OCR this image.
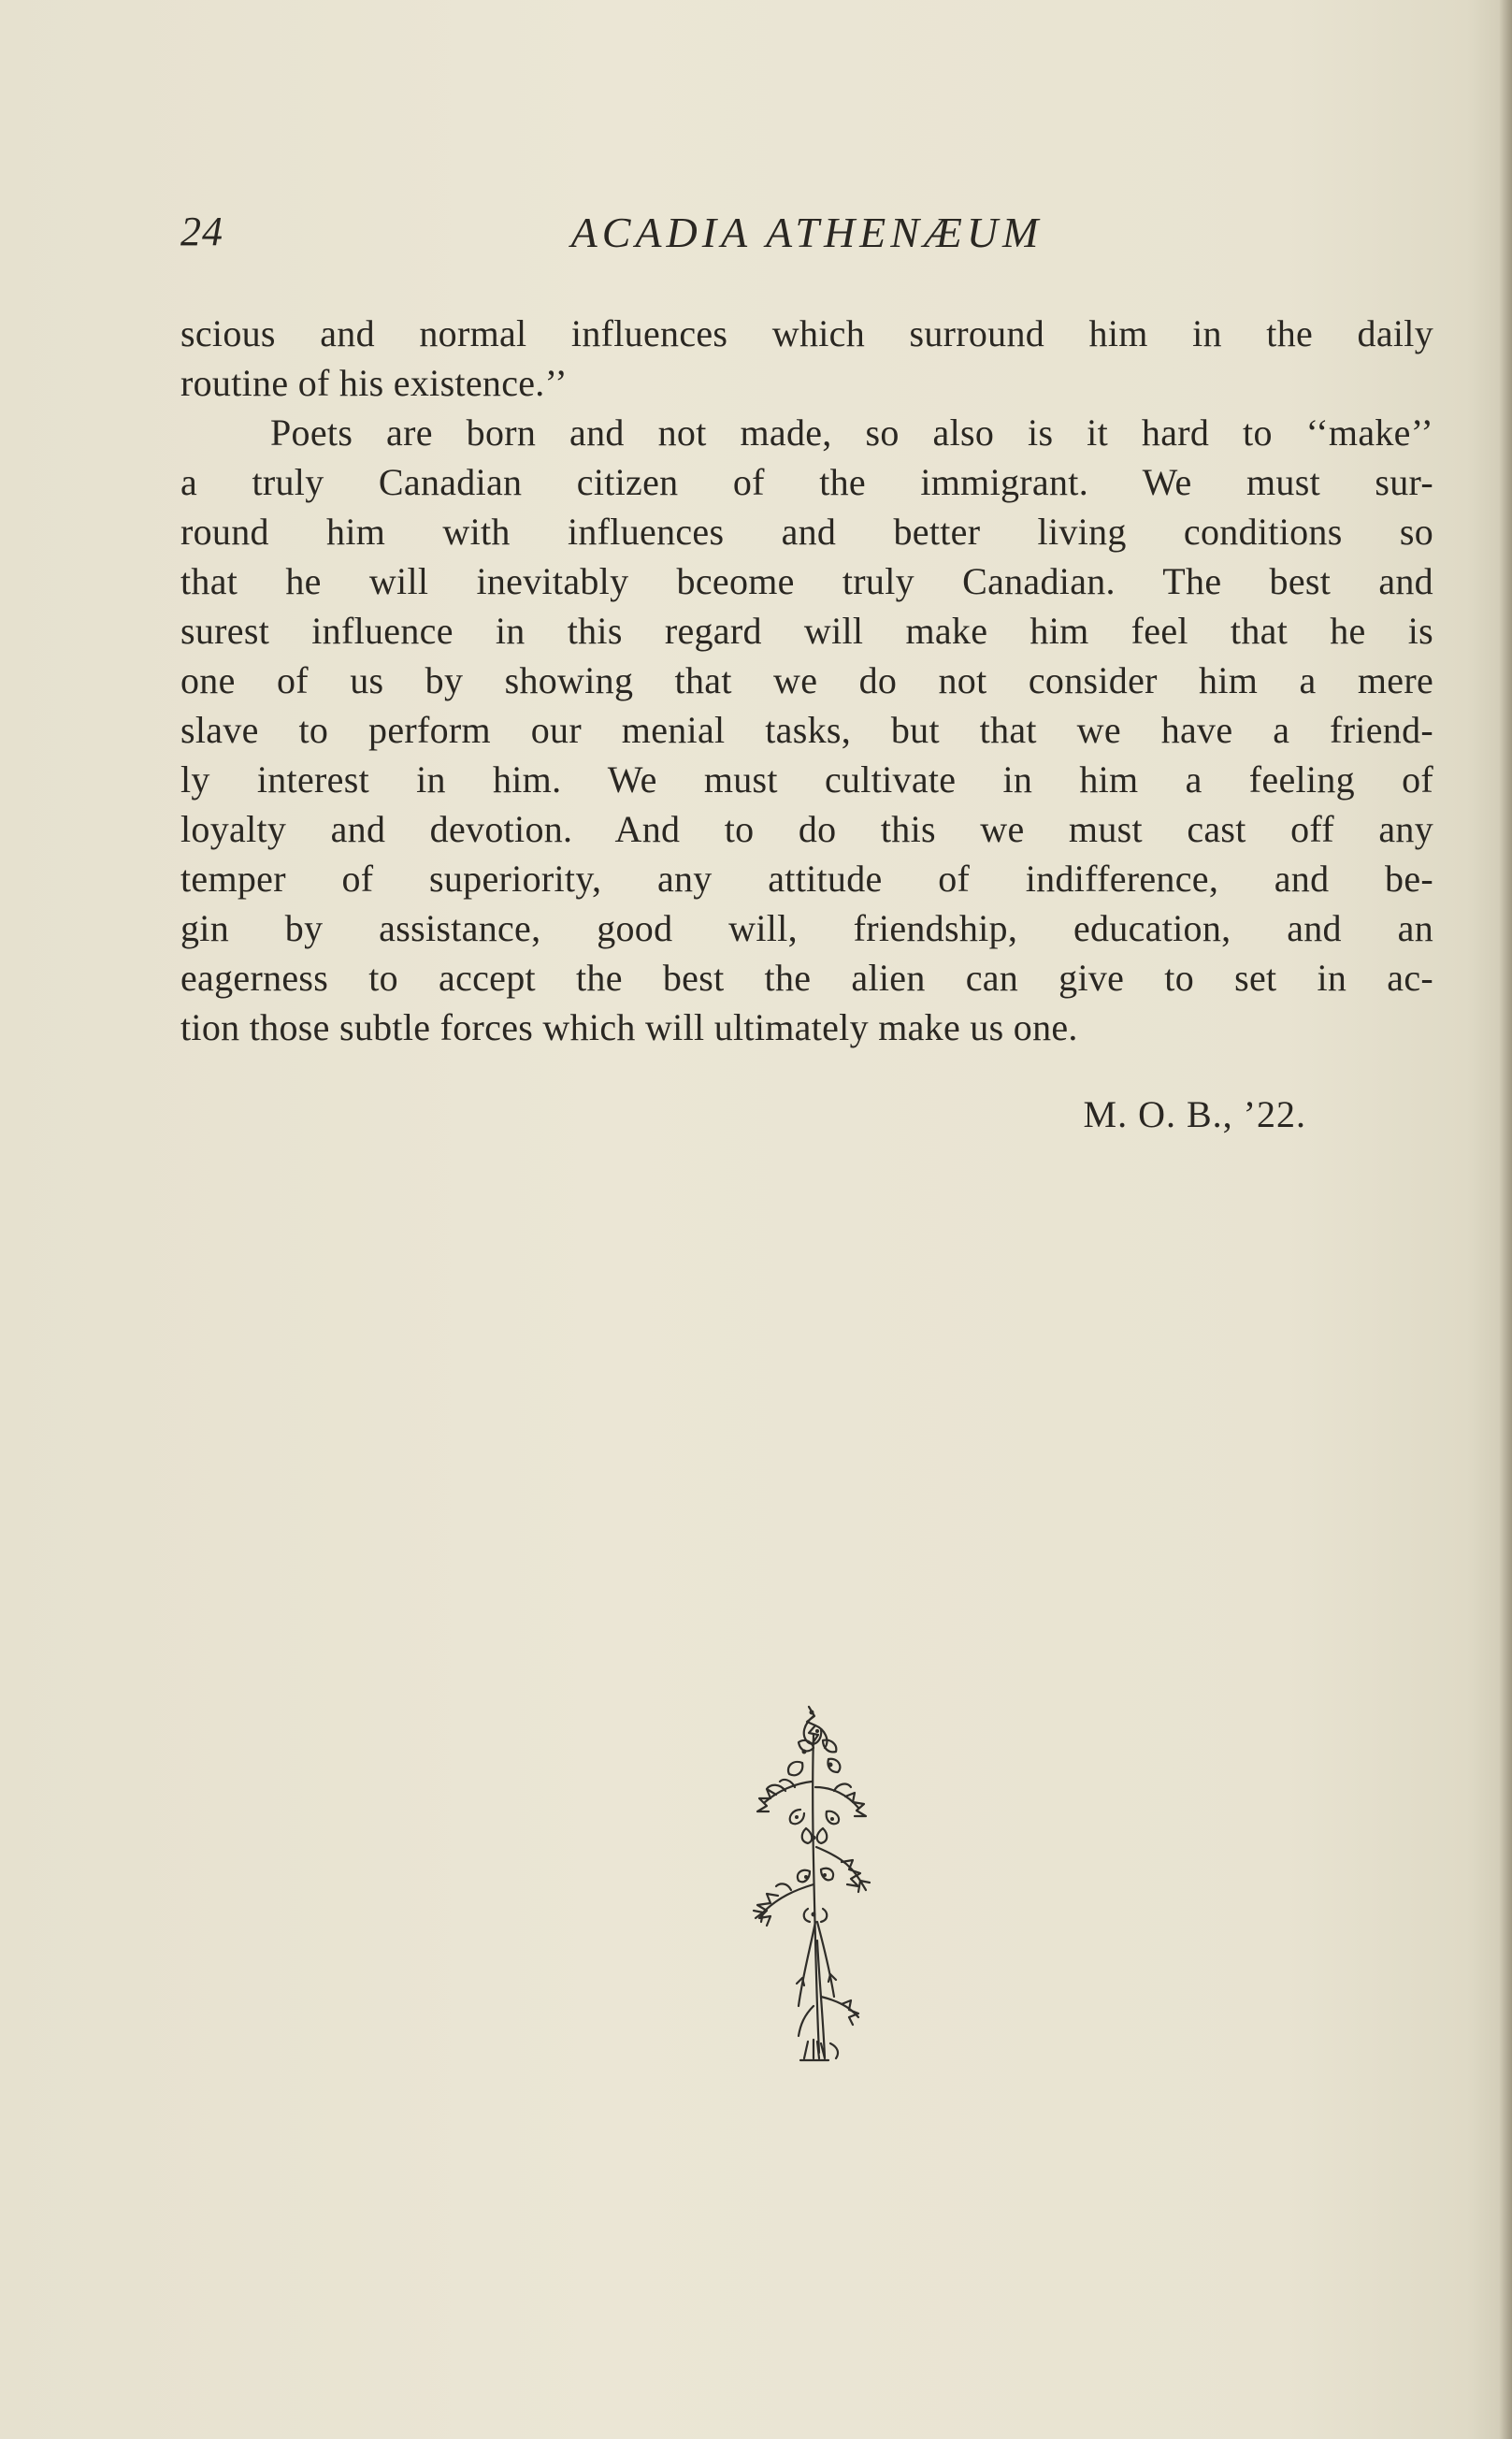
24	ACADIA ATHENÆUM
scious and normal influences which surround him in the daily
routine of his existence.’’
Poets are born and not made, so also is it hard to ‘‘make’’
a truly Canadian citizen of the immigrant. We must sur-
round him with influences and better living conditions so
that he will inevitably bceome truly Canadian. The best and
surest influence in this regard will make him feel that he is
one of us by showing that we do not consider him a mere
slave to perform our menial tasks, but that we have a friend-
ly interest in him. We must cultivate in him a feeling of
loyalty and devotion. And to do this we must cast off any
temper of superiority, any attitude of indifference, and be-
gin by assistance, good will, friendship, education, and an
eagerness to accept the best the alien can give to set in ac-
tion those subtle forces which will ultimately make us one.
M. O. B., ’22.
